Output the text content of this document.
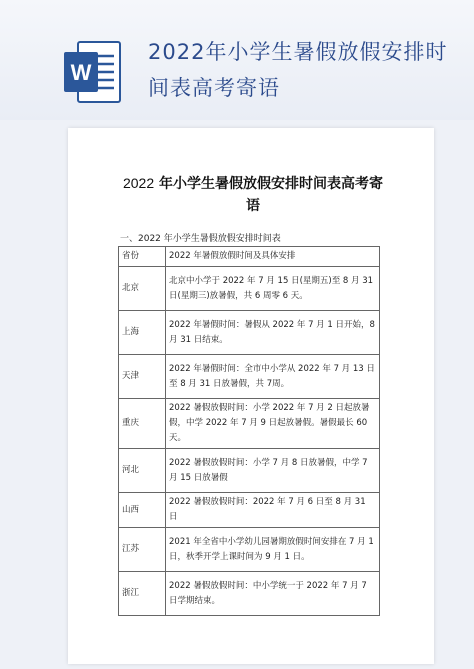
W
2022年小学生暑假放假安排时间表高考寄语
2022 年小学生暑假放假安排时间表高考寄
语
一、2022 年小学生暑假放假安排时间表
省份	2022 年暑假放假时间及具体安排
北京	北京中小学于 2022 年 7 月 15 日(星期五)至 8 月 31 日(星期三)放暑假，共 6 周零 6 天。
上海	2022 年暑假时间：暑假从 2022 年 7 月 1 日开始，8 月 31 日结束。
天津	2022 年暑假时间：全市中小学从 2022 年 7 月 13 日至 8 月 31 日放暑假，共 7周。
重庆	2022 暑假放假时间：小学 2022 年 7 月 2 日起放暑假，中学 2022 年 7 月 9 日起放暑假。暑假最长 60 天。
河北	2022 暑假放假时间：小学 7 月 8 日放暑假，中学 7 月 15 日放暑假
山西	2022 暑假放假时间：2022 年 7 月 6 日至 8 月 31 日
江苏	2021 年全省中小学幼儿园暑期放假时间安排在 7 月 1 日，秋季开学上课时间为 9 月 1 日。
浙江	2022 暑假放假时间：中小学统一于 2022 年 7 月 7 日学期结束。
